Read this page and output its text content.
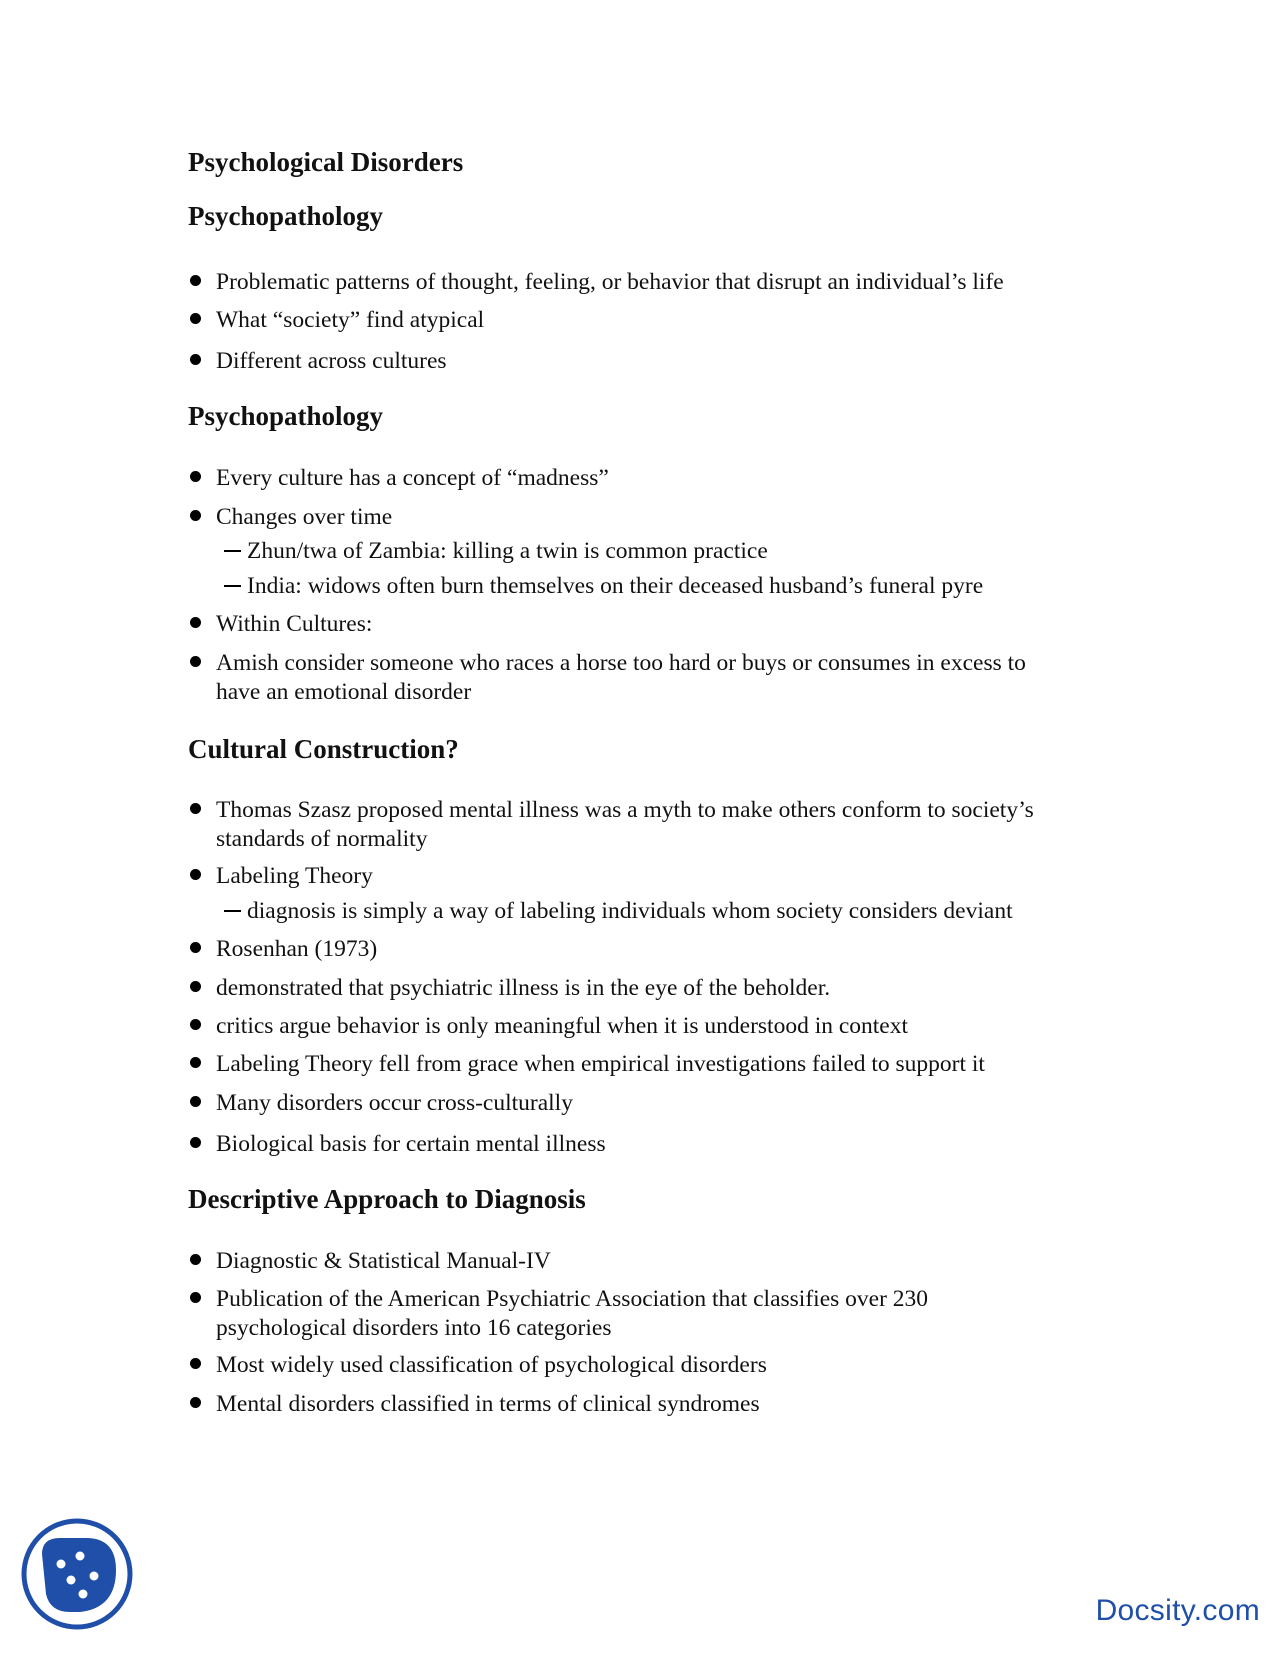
Psychological Disorders
Psychopathology
Problematic patterns of thought, feeling, or behavior that disrupt an individual’s life
What “society” find atypical
Different across cultures
Psychopathology
Every culture has a concept of “madness”
Changes over time
Zhun/twa of Zambia: killing a twin is common practice
India: widows often burn themselves on their deceased husband’s funeral pyre
Within Cultures:
Amish consider someone who races a horse too hard or buys or consumes in excess to
have an emotional disorder
Cultural Construction?
Thomas Szasz proposed mental illness was a myth to make others conform to society’s
standards of normality
Labeling Theory
diagnosis is simply a way of labeling individuals whom society considers deviant
Rosenhan (1973)
demonstrated that psychiatric illness is in the eye of the beholder.
critics argue behavior is only meaningful when it is understood in context
Labeling Theory fell from grace when empirical investigations failed to support it
Many disorders occur cross-culturally
Biological basis for certain mental illness
Descriptive Approach to Diagnosis
Diagnostic & Statistical Manual-IV
Publication of the American Psychiatric Association that classifies over 230
psychological disorders into 16 categories
Most widely used classification of psychological disorders
Mental disorders classified in terms of clinical syndromes
Docsity.com
